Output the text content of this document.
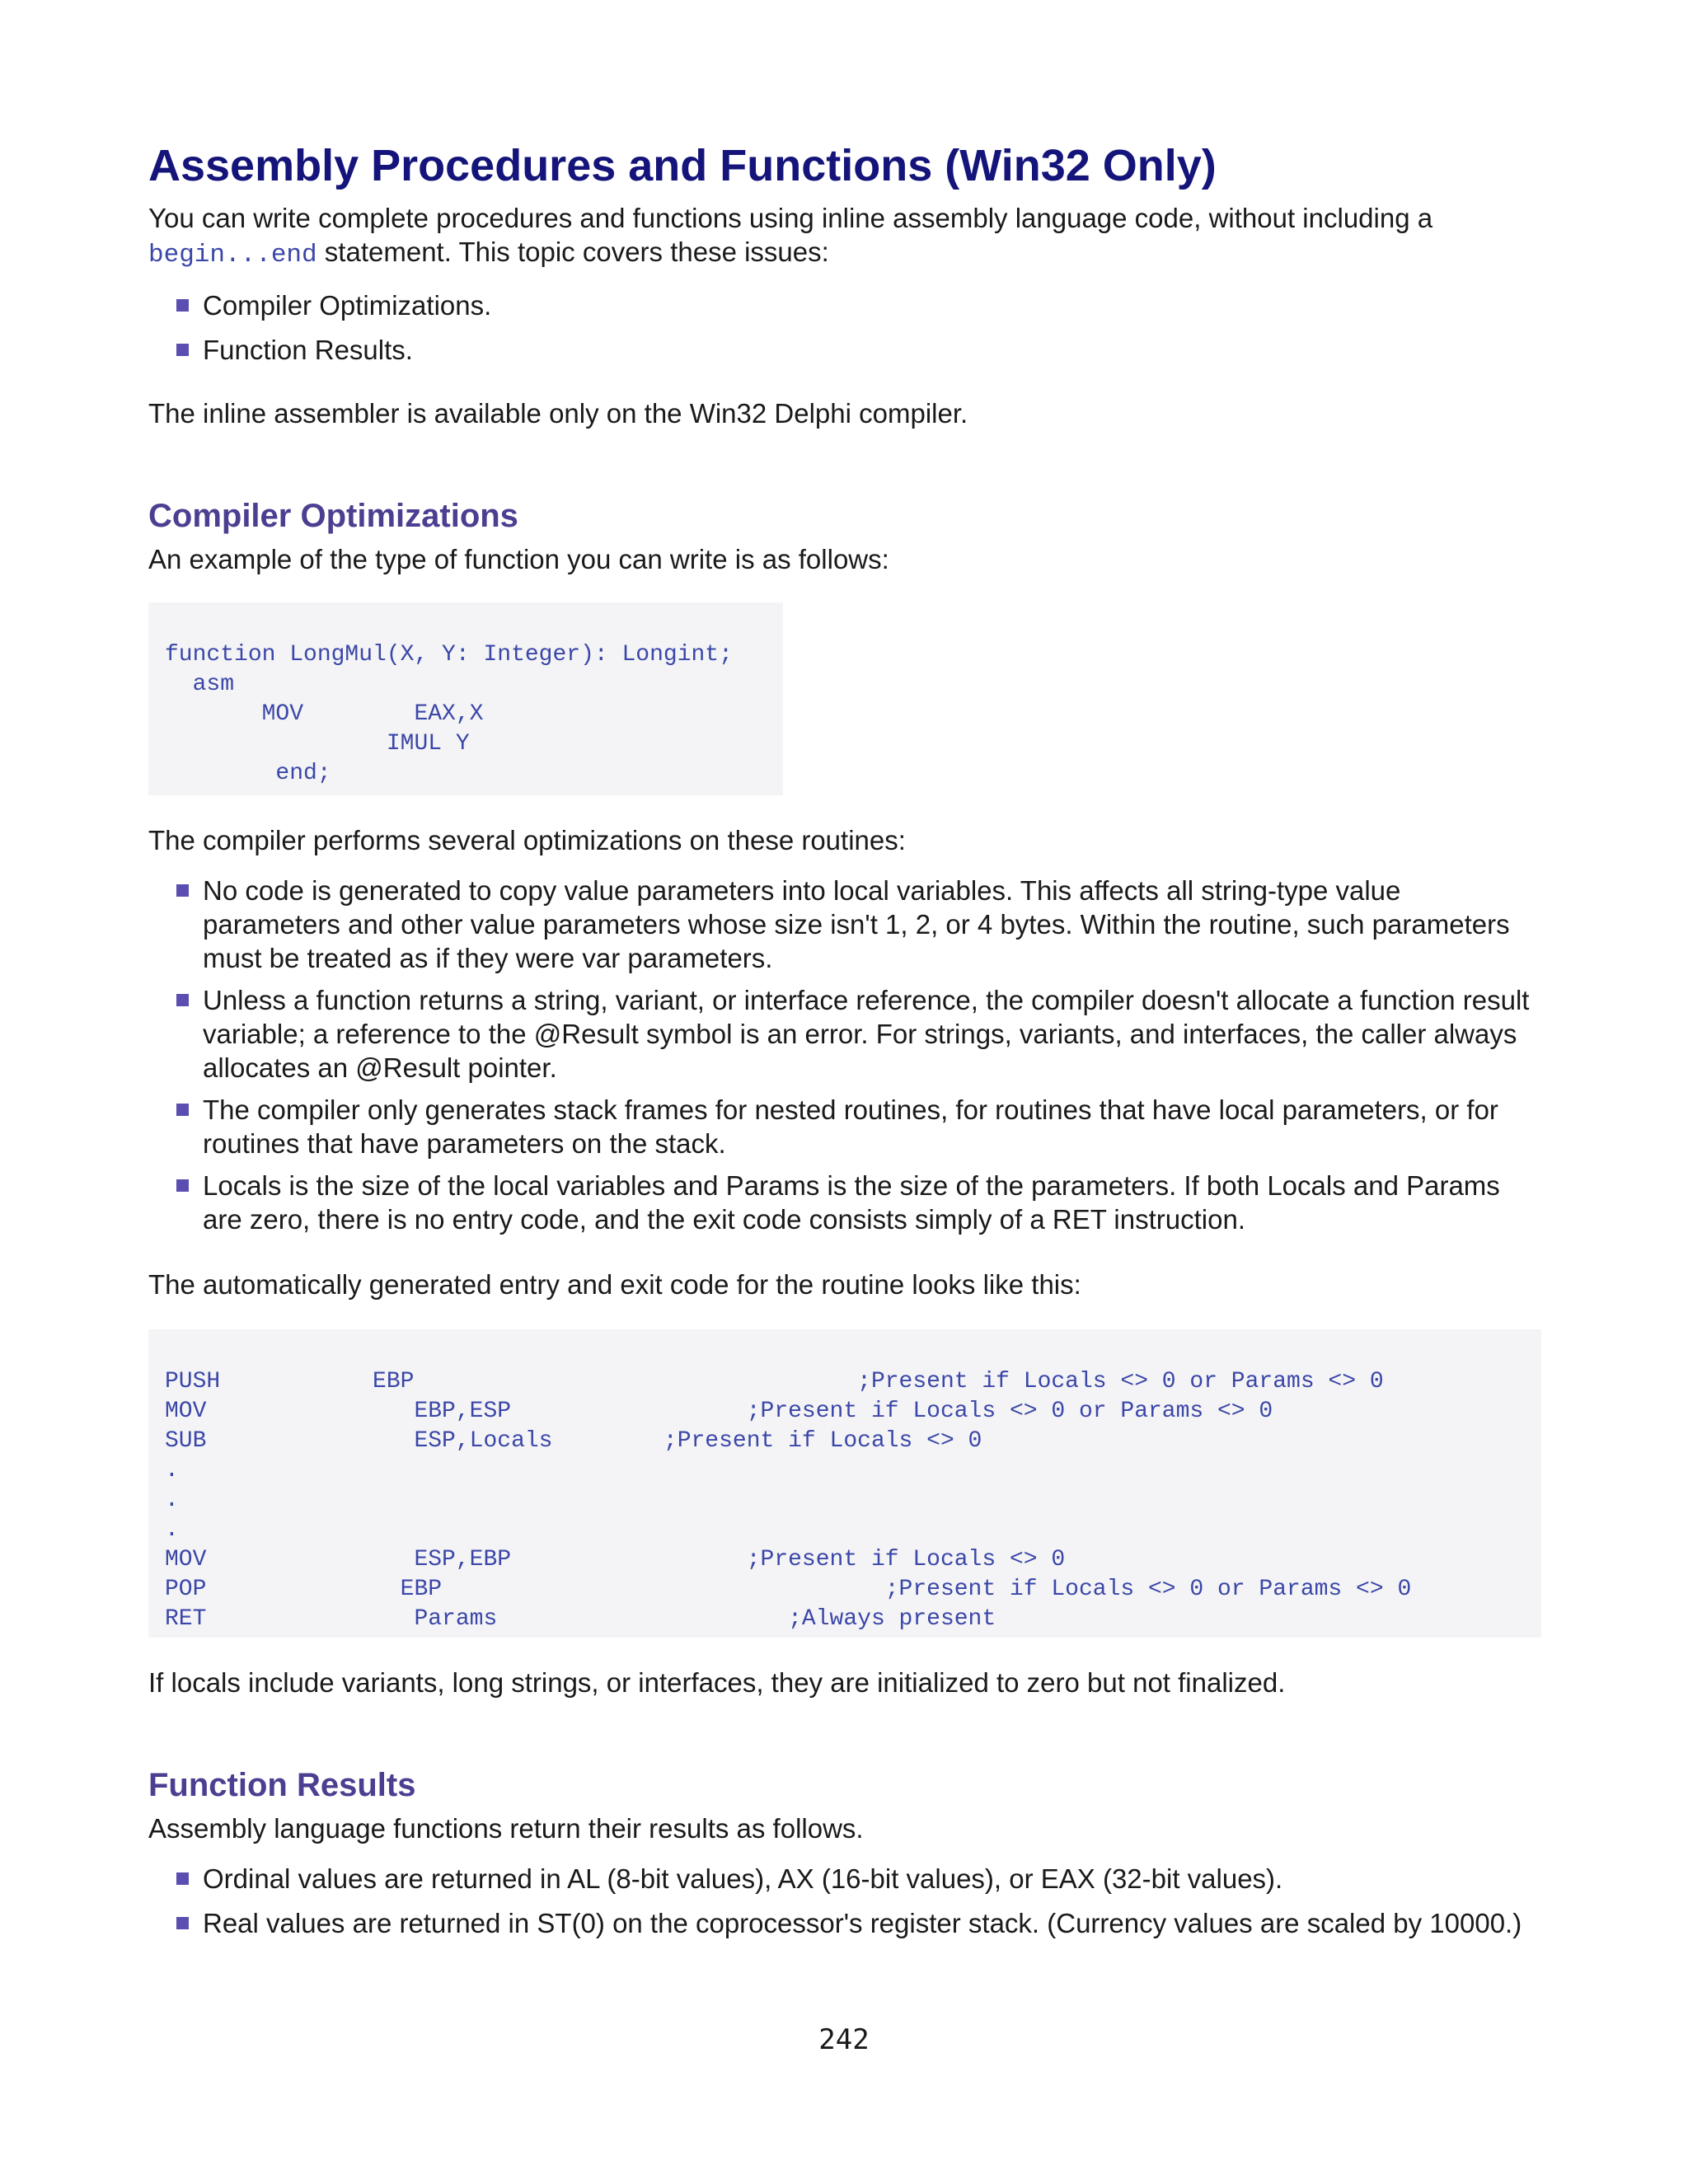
Assembly Procedures and Functions (Win32 Only)

You can write complete procedures and functions using inline assembly language code, without including a begin...end statement. This topic covers these issues:

Compiler Optimizations.
Function Results.

The inline assembler is available only on the Win32 Delphi compiler.

Compiler Optimizations

An example of the type of function you can write is as follows:

function LongMul(X, Y: Integer): Longint;
asm
MOV        EAX,X
IMUL Y
end;

The compiler performs several optimizations on these routines:

No code is generated to copy value parameters into local variables. This affects all string-type value parameters and other value parameters whose size isn't 1, 2, or 4 bytes. Within the routine, such parameters must be treated as if they were var parameters.
Unless a function returns a string, variant, or interface reference, the compiler doesn't allocate a function result variable; a reference to the @Result symbol is an error. For strings, variants, and interfaces, the caller always allocates an @Result pointer.
The compiler only generates stack frames for nested routines, for routines that have local parameters, or for routines that have parameters on the stack.
Locals is the size of the local variables and Params is the size of the parameters. If both Locals and Params are zero, there is no entry code, and the exit code consists simply of a RET instruction.

The automatically generated entry and exit code for the routine looks like this:

PUSH           EBP                                ;Present if Locals <> 0 or Params <> 0
MOV               EBP,ESP                 ;Present if Locals <> 0 or Params <> 0
SUB               ESP,Locals        ;Present if Locals <> 0
.
.
.
MOV               ESP,EBP                 ;Present if Locals <> 0
POP              EBP                                ;Present if Locals <> 0 or Params <> 0
RET               Params                     ;Always present

If locals include variants, long strings, or interfaces, they are initialized to zero but not finalized.

Function Results

Assembly language functions return their results as follows.

Ordinal values are returned in AL (8-bit values), AX (16-bit values), or EAX (32-bit values).
Real values are returned in ST(0) on the coprocessor's register stack. (Currency values are scaled by 10000.)
242
